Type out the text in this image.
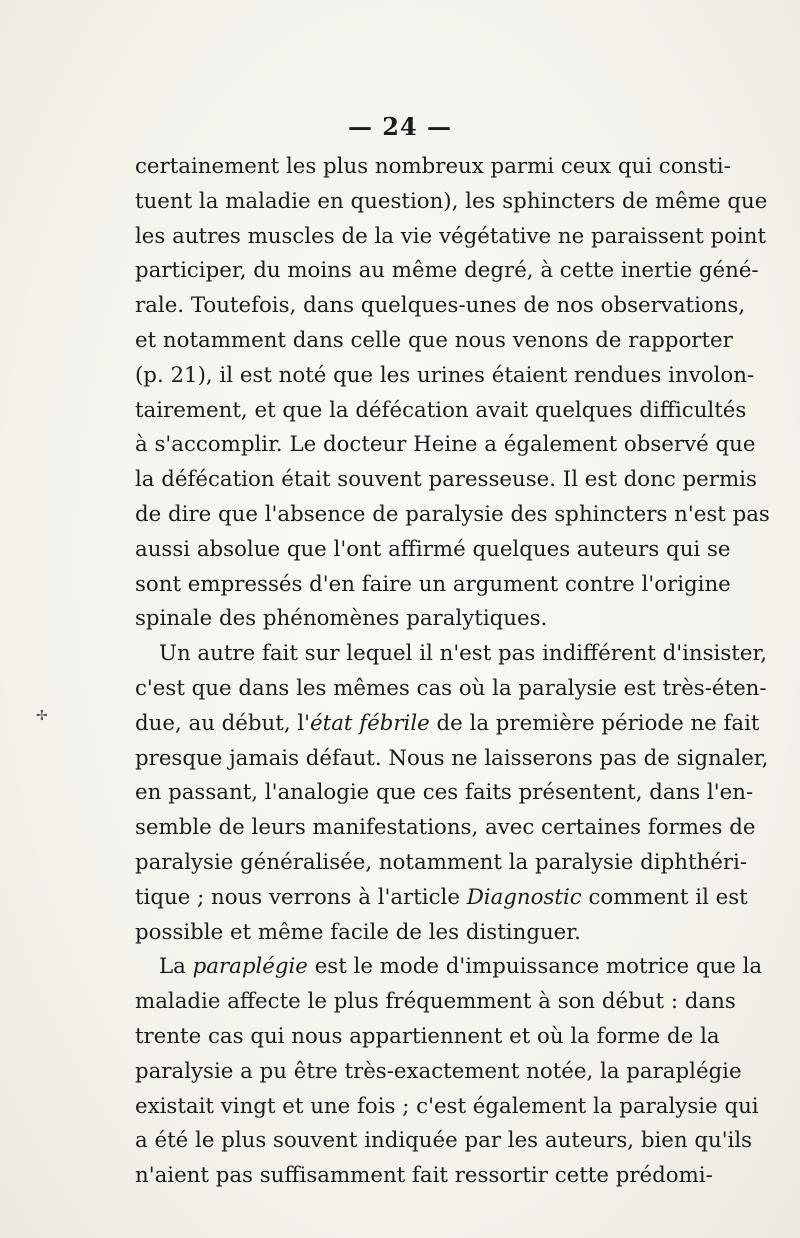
— 24 —
✢
certainement les plus nombreux parmi ceux qui consti-
tuent la maladie en question), les sphincters de même que
les autres muscles de la vie végétative ne paraissent point
participer, du moins au même degré, à cette inertie géné-
rale. Toutefois, dans quelques-unes de nos observations,
et notamment dans celle que nous venons de rapporter
(p. 21), il est noté que les urines étaient rendues involon-
tairement, et que la défécation avait quelques difficultés
à s'accomplir. Le docteur Heine a également observé que
la défécation était souvent paresseuse. Il est donc permis
de dire que l'absence de paralysie des sphincters n'est pas
aussi absolue que l'ont affirmé quelques auteurs qui se
sont empressés d'en faire un argument contre l'origine
spinale des phénomènes paralytiques.
Un autre fait sur lequel il n'est pas indifférent d'insister,
c'est que dans les mêmes cas où la paralysie est très-éten-
due, au début, l'état fébrile de la première période ne fait
presque jamais défaut. Nous ne laisserons pas de signaler,
en passant, l'analogie que ces faits présentent, dans l'en-
semble de leurs manifestations, avec certaines formes de
paralysie généralisée, notamment la paralysie diphthéri-
tique ; nous verrons à l'article Diagnostic comment il est
possible et même facile de les distinguer.
La paraplégie est le mode d'impuissance motrice que la
maladie affecte le plus fréquemment à son début : dans
trente cas qui nous appartiennent et où la forme de la
paralysie a pu être très-exactement notée, la paraplégie
existait vingt et une fois ; c'est également la paralysie qui
a été le plus souvent indiquée par les auteurs, bien qu'ils
n'aient pas suffisamment fait ressortir cette prédomi-
